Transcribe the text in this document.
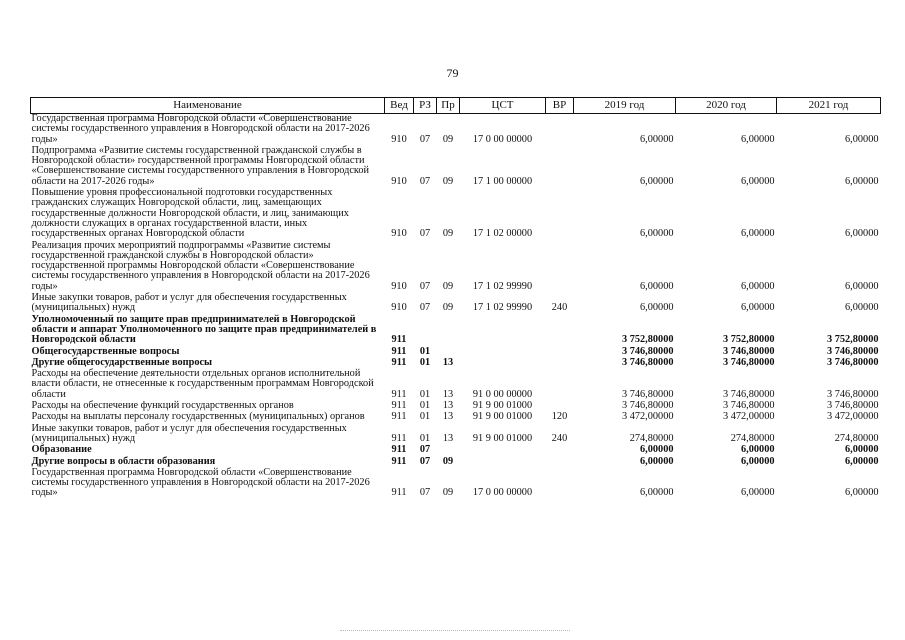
79
Наименование	Вед	РЗ	Пр	ЦСТ	ВР	2019 год	2020 год	2021 год
Государственная программа Новгородской области «Совершенствование системы государственного управления в Новгородской области на 2017-2026 годы»	910	07	09	17 0 00 00000		6,00000	6,00000	6,00000
Подпрограмма «Развитие системы государственной гражданской службы в Новгородской области» государственной программы Новгородской области «Совершенствование системы государственного управления в Новгородской области на 2017-2026 годы»	910	07	09	17 1 00 00000		6,00000	6,00000	6,00000
Повышение уровня профессиональной подготовки государственных гражданских служащих Новгородской области, лиц, замещающих государственные должности Новгородской области, и лиц, занимающих должности служащих в органах государственной власти, иных государственных органах Новгородской области	910	07	09	17 1 02 00000		6,00000	6,00000	6,00000
Реализация прочих мероприятий подпрограммы «Развитие системы государственной гражданской службы в Новгородской области» государственной программы Новгородской области «Совершенствование системы государственного управления в Новгородской области на 2017-2026 годы»	910	07	09	17 1 02 99990		6,00000	6,00000	6,00000
Иные закупки товаров, работ и услуг для обеспечения государственных (муниципальных) нужд	910	07	09	17 1 02 99990	240	6,00000	6,00000	6,00000
Уполномоченный по защите прав предпринимателей в Новгородской области и аппарат Уполномоченного по защите прав предпринимателей в Новгородской области	911					3 752,80000	3 752,80000	3 752,80000
Общегосударственные вопросы	911	01				3 746,80000	3 746,80000	3 746,80000
Другие общегосударственные вопросы	911	01	13			3 746,80000	3 746,80000	3 746,80000
Расходы на обеспечение деятельности отдельных органов исполнительной власти области, не отнесенные к государственным программам Новгородской области	911	01	13	91 0 00 00000		3 746,80000	3 746,80000	3 746,80000
Расходы на обеспечение функций государственных органов	911	01	13	91 9 00 01000		3 746,80000	3 746,80000	3 746,80000
Расходы на выплаты персоналу государственных (муниципальных) органов	911	01	13	91 9 00 01000	120	3 472,00000	3 472,00000	3 472,00000
Иные закупки товаров, работ и услуг для обеспечения государственных (муниципальных) нужд	911	01	13	91 9 00 01000	240	274,80000	274,80000	274,80000
Образование	911	07				6,00000	6,00000	6,00000
Другие вопросы в области образования	911	07	09			6,00000	6,00000	6,00000
Государственная программа Новгородской области «Совершенствование системы государственного управления в Новгородской области на 2017-2026 годы»	911	07	09	17 0 00 00000		6,00000	6,00000	6,00000
